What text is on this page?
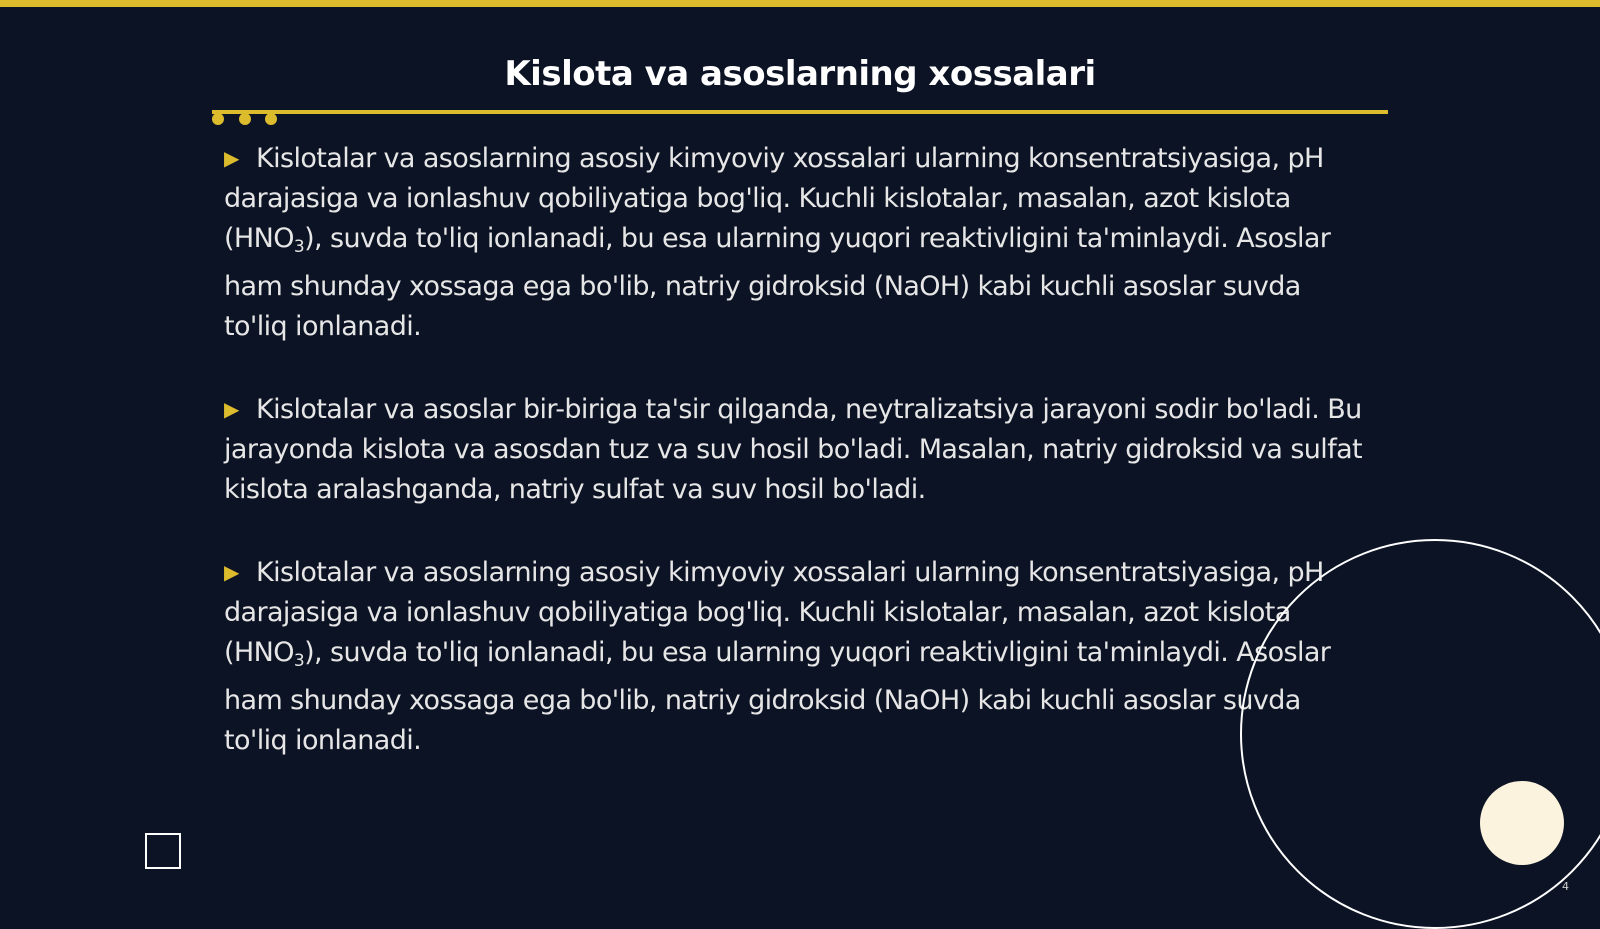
Kislota va asoslarning xossalari

▶ Kislotalar va asoslarning asosiy kimyoviy xossalari ularning konsentratsiyasiga, pH darajasiga va ionlashuv qobiliyatiga bog'liq. Kuchli kislotalar, masalan, azot kislota $(HNO_3)$, suvda to'liq ionlanadi, bu esa ularning yuqori reaktivligini ta'minlaydi. Asoslar ham shunday xossaga ega bo'lib, natriy gidroksid (NaOH) kabi kuchli asoslar suvda to'liq ionlanadi.

▶ Kislotalar va asoslar bir-biriga ta'sir qilganda, neytralizatsiya jarayoni sodir bo'ladi. Bu jarayonda kislota va asosdan tuz va suv hosil bo'ladi. Masalan, natriy gidroksid va sulfat kislota aralashganda, natriy sulfat va suv hosil bo'ladi.

▶ Kislotalar va asoslarning asosiy kimyoviy xossalari ularning konsentratsiyasiga, pH darajasiga va ionlashuv qobiliyatiga bog'liq. Kuchli kislotalar, masalan, azot kislota $(HNO_3)$, suvda to'liq ionlanadi, bu esa ularning yuqori reaktivligini ta'minlaydi. Asoslar ham shunday xossaga ega bo'lib, natriy gidroksid (NaOH) kabi kuchli asoslar suvda to'liq ionlanadi.

4
